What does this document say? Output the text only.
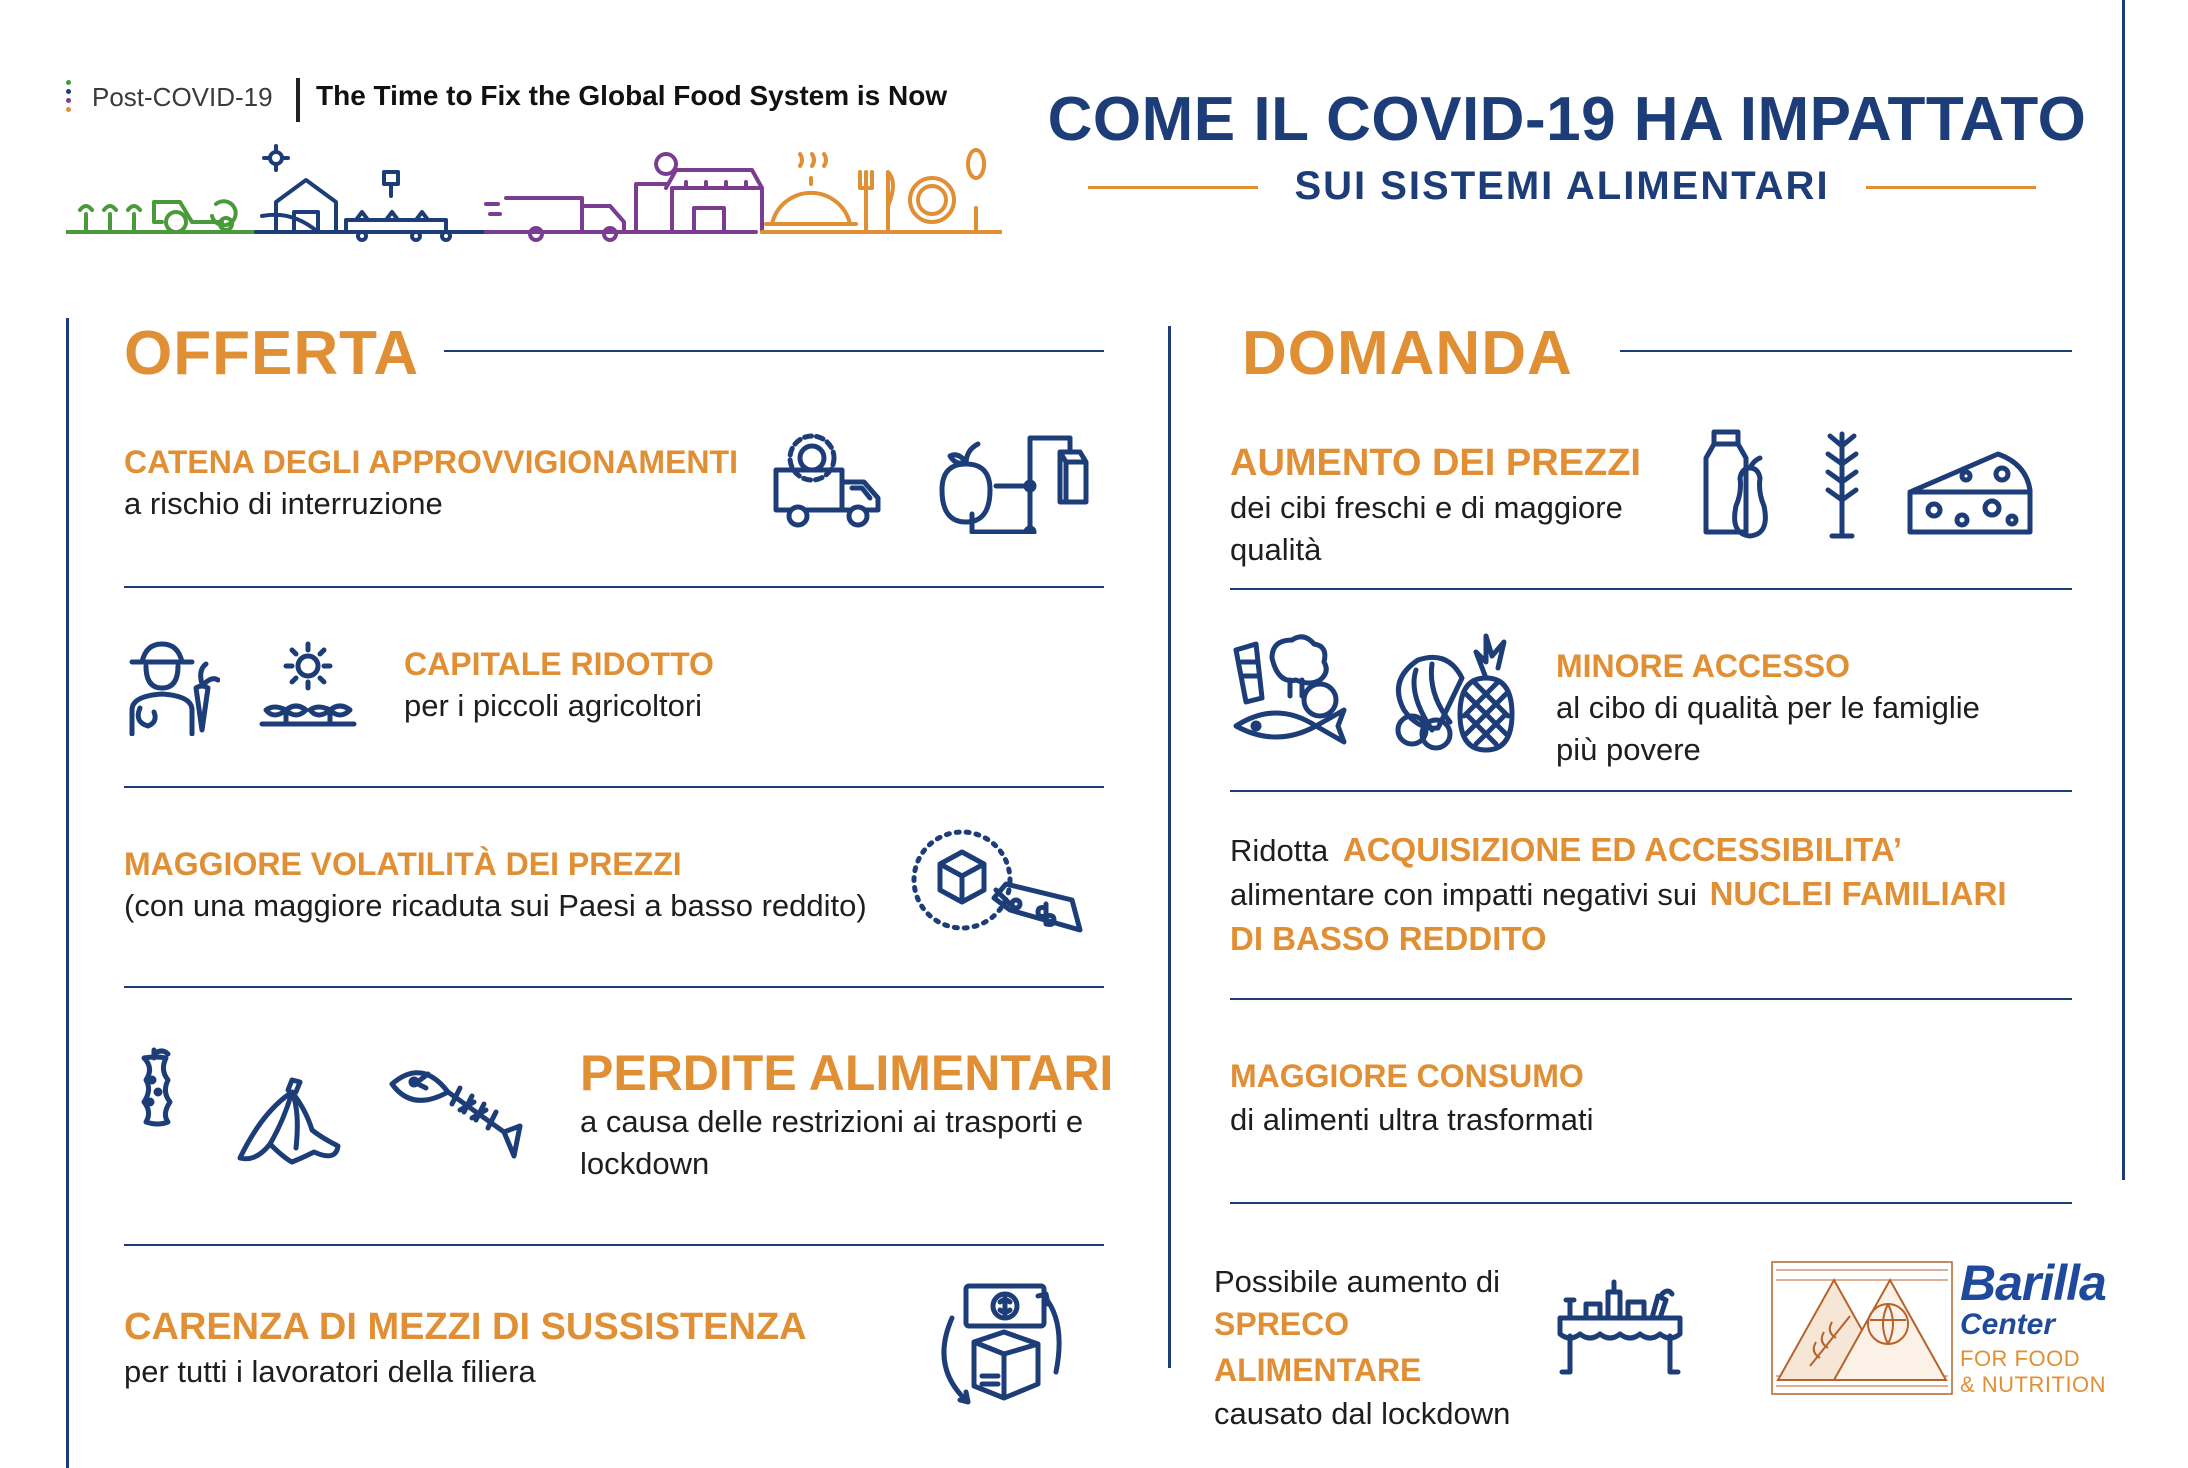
Post-COVID-19 The Time to Fix the Global Food System is Now COME IL COVID-19 HA IMPATTATO
SUI SISTEMI ALIMENTARI
OFFERTA
CATENA DEGLI APPROVVIGIONAMENTI
a rischio di interruzione
CAPITALE RIDOTTO
per i piccoli agricoltori
MAGGIORE VOLATILITÀ DEI PREZZI
(con una maggiore ricaduta sui Paesi a basso reddito)
PERDITE ALIMENTARI
a causa delle restrizioni ai trasporti e
lockdown
CARENZA DI MEZZI DI SUSSISTENZA
per tutti i lavoratori della filiera
DOMANDA
AUMENTO DEI PREZZI
dei cibi freschi e di maggiore
qualità
MINORE ACCESSO
al cibo di qualità per le famiglie
più povere
Ridotta ACQUISIZIONE ED ACCESSIBILITA’
alimentare con impatti negativi sui NUCLEI FAMILIARI
DI BASSO REDDITO
MAGGIORE CONSUMO
di alimenti ultra trasformati
Possibile aumento di
SPRECO
ALIMENTARE
causato dal lockdown
Barilla
Center
FOR FOOD
& NUTRITION
